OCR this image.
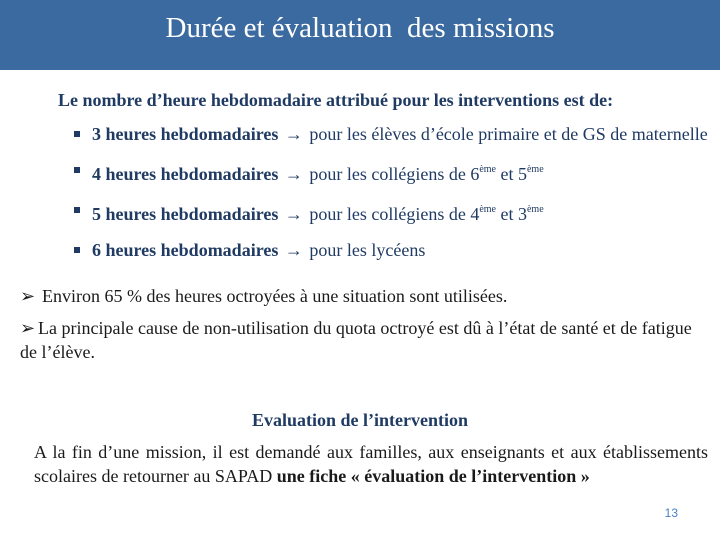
Durée et évaluation  des missions
Le nombre d’heure hebdomadaire attribué pour les interventions est de:
3 heures hebdomadaires → pour les élèves d’école primaire et de GS de maternelle
4 heures hebdomadaires → pour les collégiens de 6ème et 5ème
5 heures hebdomadaires → pour les collégiens de 4ème et 3ème
6 heures hebdomadaires → pour les lycéens
➢ Environ 65 % des heures octroyées à une situation sont utilisées.
➢ La principale cause de non-utilisation du quota octroyé est dû à l’état de santé et de fatigue de l’élève.
Evaluation de l’intervention
A la fin d’une mission, il est demandé aux familles, aux enseignants et aux établissements scolaires de retourner au SAPAD une fiche « évaluation de l’intervention »
13
